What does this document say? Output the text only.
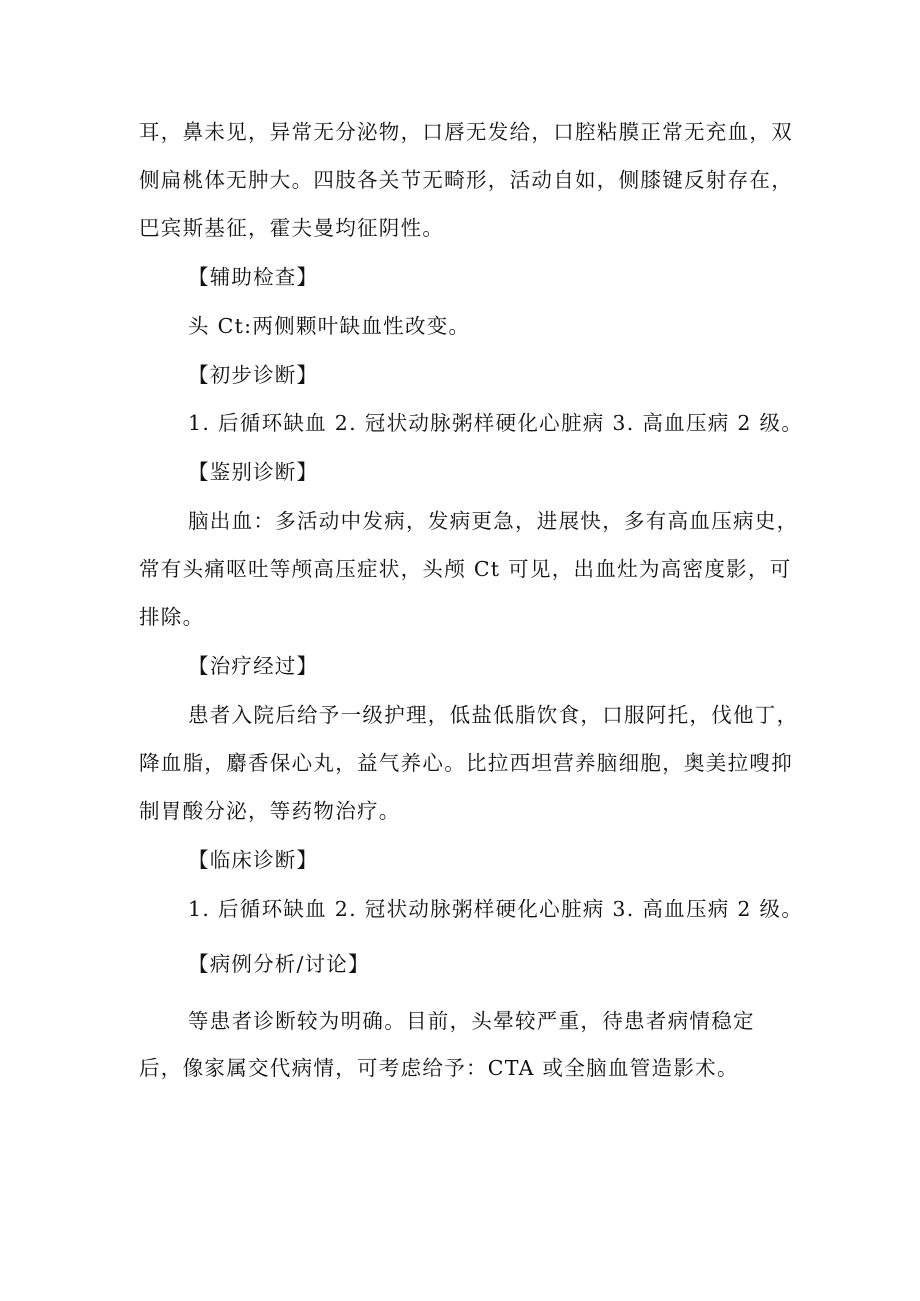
耳，鼻未见，异常无分泌物，口唇无发给，口腔粘膜正常无充血，双
侧扁桃体无肿大。四肢各关节无畸形，活动自如，侧膝键反射存在，
巴宾斯基征，霍夫曼均征阴性。
【辅助检查】
头 Ct:两侧颗叶缺血性改变。
【初步诊断】
1. 后循环缺血 2. 冠状动脉粥样硬化心脏病 3. 高血压病 2 级。
【鉴别诊断】
脑出血：多活动中发病，发病更急，进展快，多有高血压病史，
常有头痛呕吐等颅高压症状，头颅 Ct 可见，出血灶为高密度影，可
排除。
【治疗经过】
患者入院后给予一级护理，低盐低脂饮食，口服阿托，伐他丁，
降血脂，麝香保心丸，益气养心。比拉西坦营养脑细胞，奥美拉嗖抑
制胃酸分泌，等药物治疗。
【临床诊断】
1. 后循环缺血 2. 冠状动脉粥样硬化心脏病 3. 高血压病 2 级。
【病例分析/讨论】
等患者诊断较为明确。目前，头晕较严重，待患者病情稳定
后，像家属交代病情，可考虑给予：CTA 或全脑血管造影术。
